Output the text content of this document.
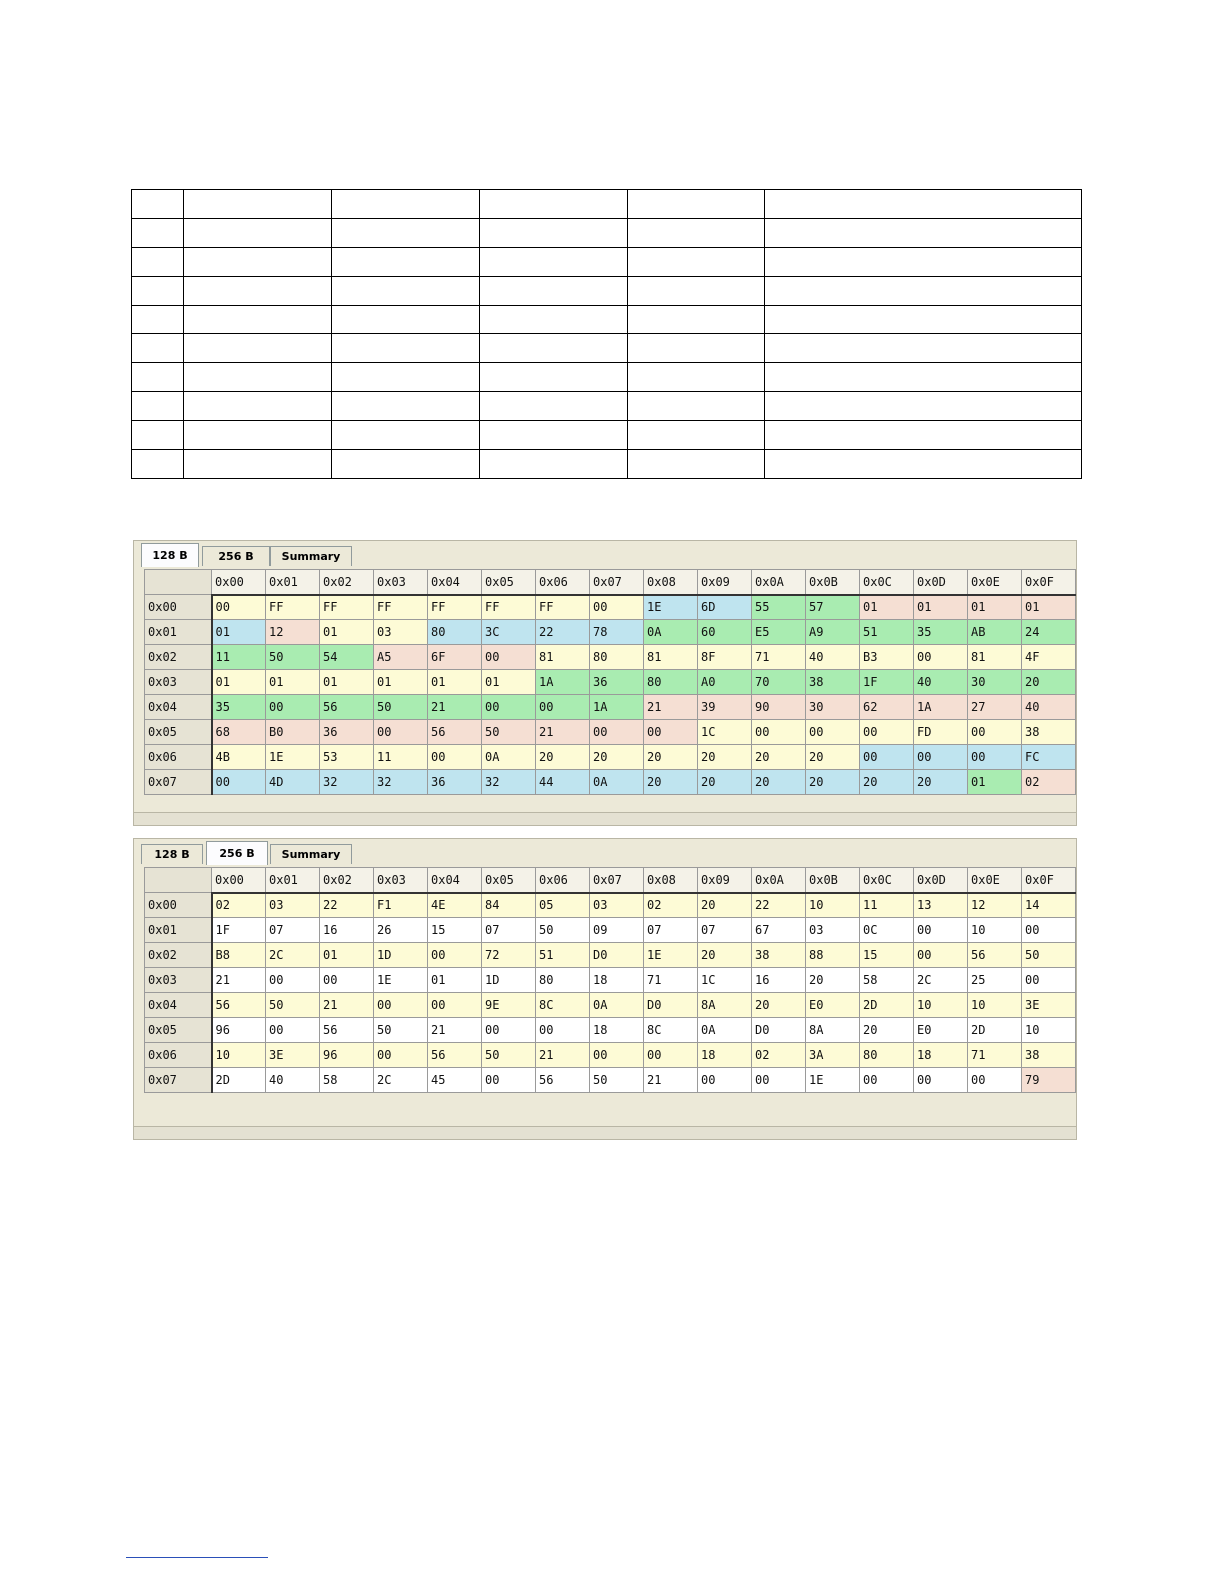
128 B	256 B	Summary
	0x00	0x01	0x02	0x03	0x04	0x05	0x06	0x07	0x08	0x09	0x0A	0x0B	0x0C	0x0D	0x0E	0x0F
0x00	00	FF	FF	FF	FF	FF	FF	00	1E	6D	55	57	01	01	01	01
0x01	01	12	01	03	80	3C	22	78	0A	60	E5	A9	51	35	AB	24
0x02	11	50	54	A5	6F	00	81	80	81	8F	71	40	B3	00	81	4F
0x03	01	01	01	01	01	01	1A	36	80	A0	70	38	1F	40	30	20
0x04	35	00	56	50	21	00	00	1A	21	39	90	30	62	1A	27	40
0x05	68	B0	36	00	56	50	21	00	00	1C	00	00	00	FD	00	38
0x06	4B	1E	53	11	00	0A	20	20	20	20	20	20	00	00	00	FC
0x07	00	4D	32	32	36	32	44	0A	20	20	20	20	20	20	01	02
128 B	256 B	Summary
	0x00	0x01	0x02	0x03	0x04	0x05	0x06	0x07	0x08	0x09	0x0A	0x0B	0x0C	0x0D	0x0E	0x0F
0x00	02	03	22	F1	4E	84	05	03	02	20	22	10	11	13	12	14
0x01	1F	07	16	26	15	07	50	09	07	07	67	03	0C	00	10	00
0x02	B8	2C	01	1D	00	72	51	D0	1E	20	38	88	15	00	56	50
0x03	21	00	00	1E	01	1D	80	18	71	1C	16	20	58	2C	25	00
0x04	56	50	21	00	00	9E	8C	0A	D0	8A	20	E0	2D	10	10	3E
0x05	96	00	56	50	21	00	00	18	8C	0A	D0	8A	20	E0	2D	10
0x06	10	3E	96	00	56	50	21	00	00	18	02	3A	80	18	71	38
0x07	2D	40	58	2C	45	00	56	50	21	00	00	1E	00	00	00	79
